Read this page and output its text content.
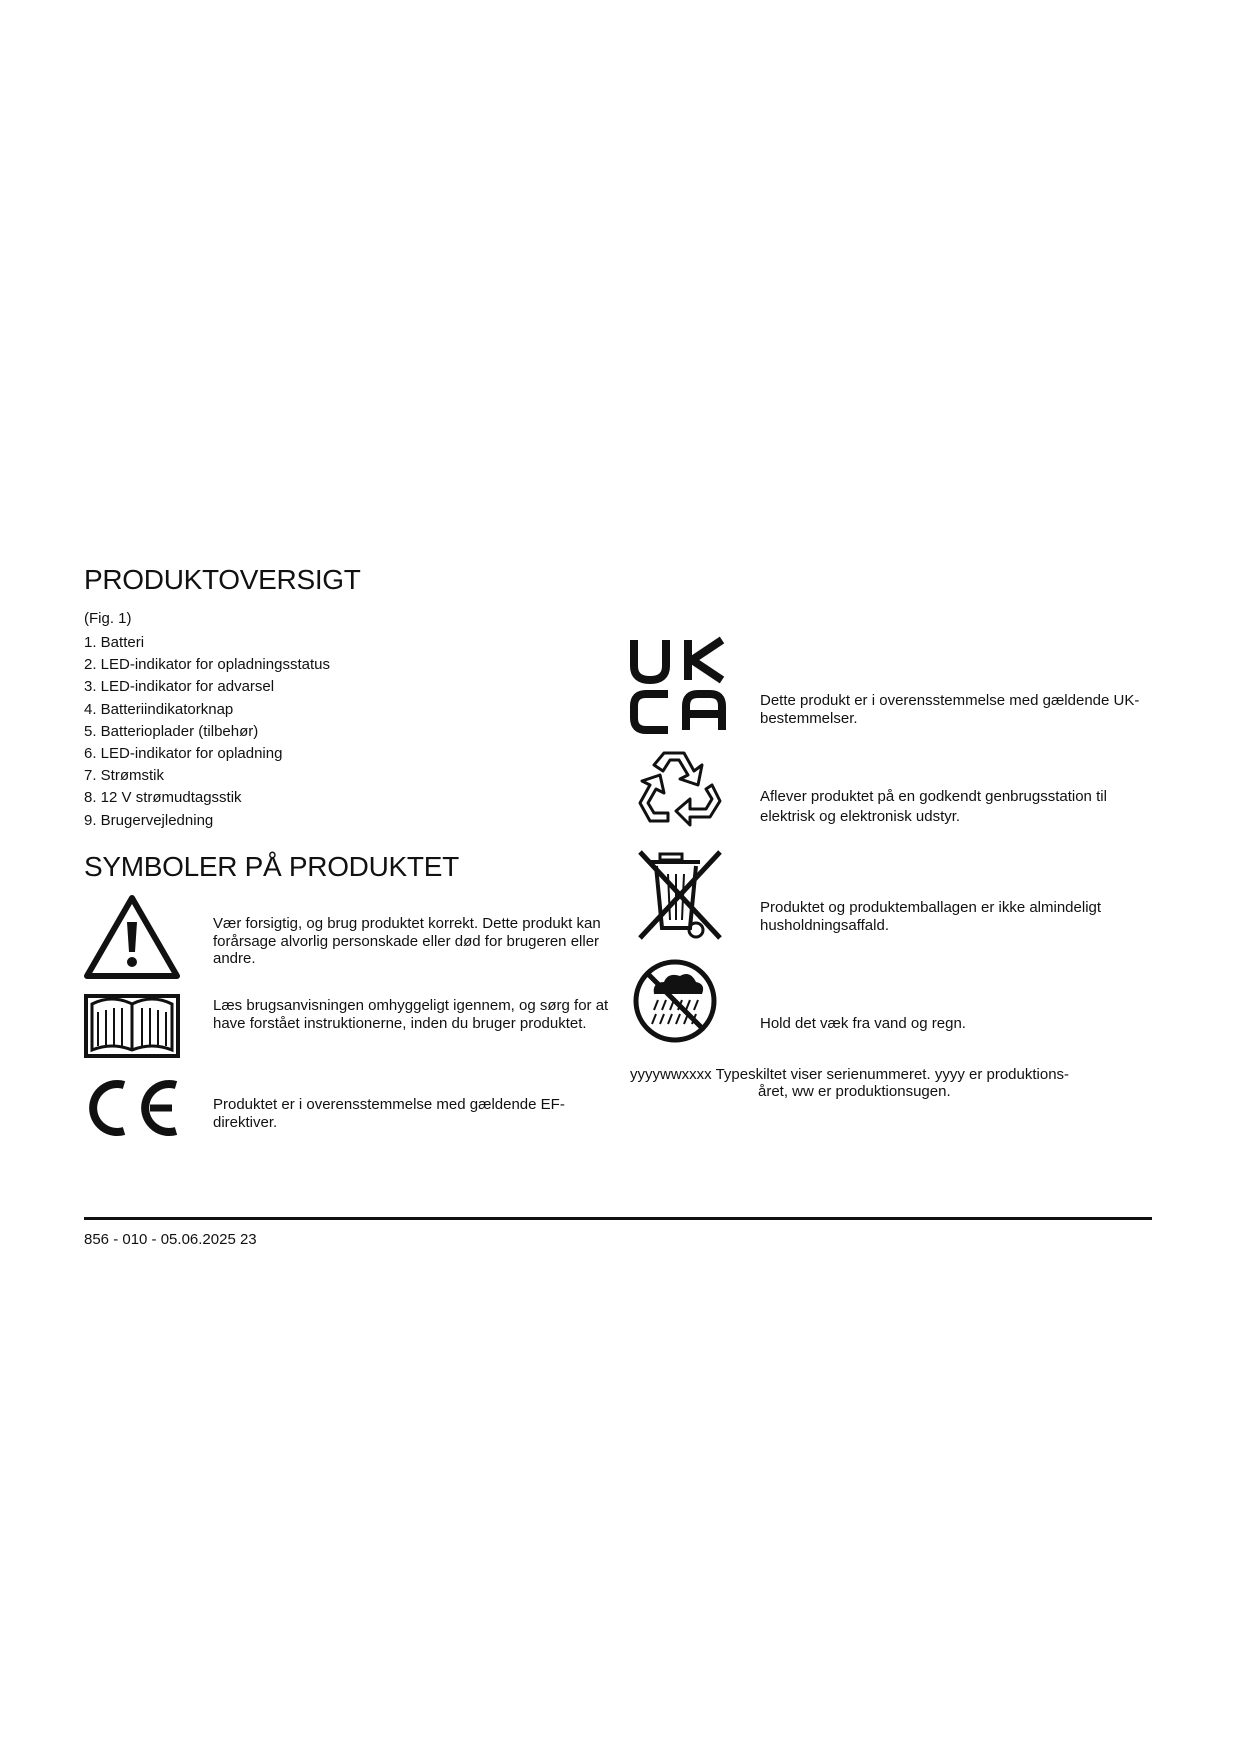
PRODUKTOVERSIGT
(Fig. 1)
1. Batteri
2. LED-indikator for opladningsstatus
3. LED-indikator for advarsel
4. Batteriindikatorknap
5. Batterioplader (tilbehør)
6. LED-indikator for opladning
7. Strømstik
8. 12 V strømudtagsstik
9. Brugervejledning
SYMBOLER PÅ PRODUKTET
Vær forsigtig, og brug produktet korrekt. Dette produkt kan forårsage alvorlig personskade eller død for brugeren eller andre.
Læs brugsanvisningen omhyggeligt igennem, og sørg for at have forstået instruktionerne, inden du bruger produktet.
Produktet er i overensstemmelse med gældende EF-direktiver.
Dette produkt er i overensstemmelse med gældende UK-bestemmelser.
Aflever produktet på en godkendt genbrugsstation til elektrisk og elektronisk udstyr.
Produktet og produktemballagen er ikke almindeligt husholdningsaffald.
Hold det væk fra vand og regn.
yyyywwxxxx Typeskiltet viser serienummeret. yyyy er produktions-
året, ww er produktionsugen.
856 - 010 - 05.06.2025 23
